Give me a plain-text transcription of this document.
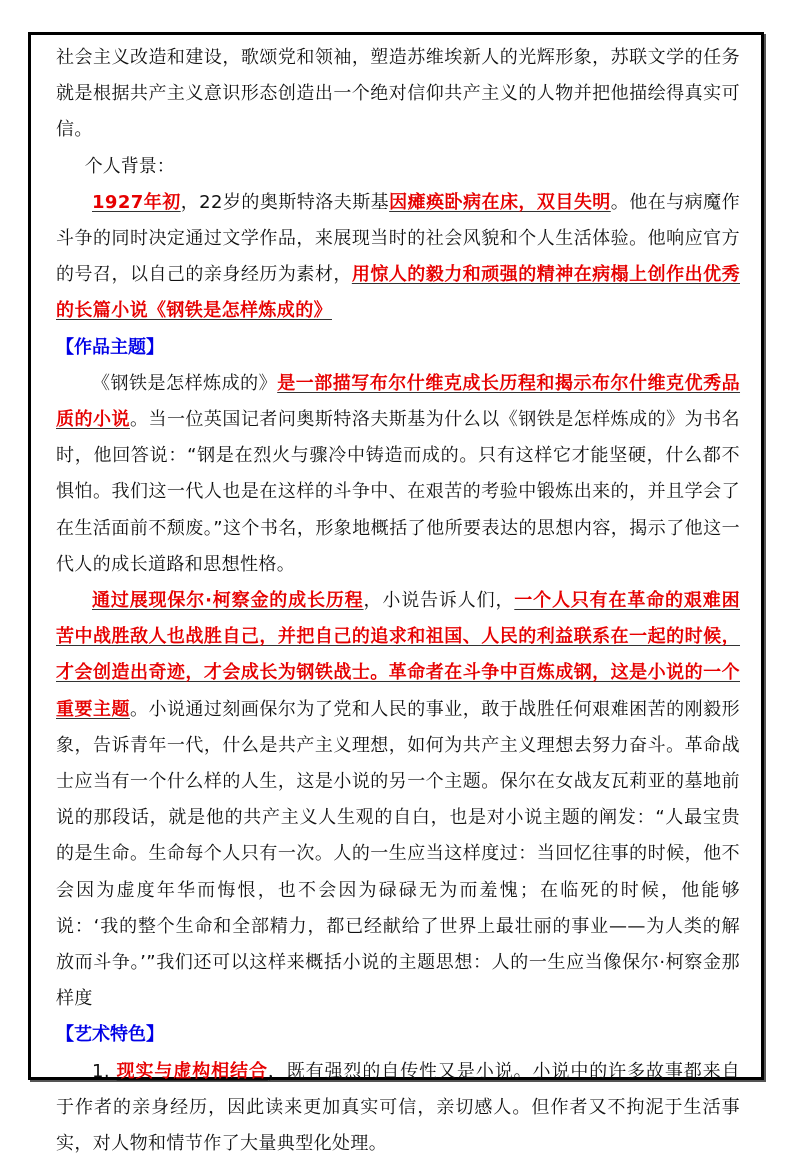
社会主义改造和建设，歌颂党和领袖，塑造苏维埃新人的光辉形象，苏联文学的任务就是根据共产主义意识形态创造出一个绝对信仰共产主义的人物并把他描绘得真实可信。

个人背景：

1927年初，22岁的奥斯特洛夫斯基因瘫痪卧病在床，双目失明。他在与病魔作斗争的同时决定通过文学作品，来展现当时的社会风貌和个人生活体验。他响应官方的号召，以自己的亲身经历为素材，用惊人的毅力和顽强的精神在病榻上创作出优秀的长篇小说《钢铁是怎样炼成的》

【作品主题】

《钢铁是怎样炼成的》是一部描写布尔什维克成长历程和揭示布尔什维克优秀品质的小说。当一位英国记者问奥斯特洛夫斯基为什么以《钢铁是怎样炼成的》为书名时，他回答说：“钢是在烈火与骤冷中铸造而成的。只有这样它才能坚硬，什么都不惧怕。我们这一代人也是在这样的斗争中、在艰苦的考验中锻炼出来的，并且学会了在生活面前不颓废。”这个书名，形象地概括了他所要表达的思想内容，揭示了他这一代人的成长道路和思想性格。

通过展现保尔·柯察金的成长历程，小说告诉人们，一个人只有在革命的艰难困苦中战胜敌人也战胜自己，并把自己的追求和祖国、人民的利益联系在一起的时候，才会创造出奇迹，才会成长为钢铁战士。革命者在斗争中百炼成钢，这是小说的一个重要主题。小说通过刻画保尔为了党和人民的事业，敢于战胜任何艰难困苦的刚毅形象，告诉青年一代，什么是共产主义理想，如何为共产主义理想去努力奋斗。革命战士应当有一个什么样的人生，这是小说的另一个主题。保尔在女战友瓦莉亚的墓地前说的那段话，就是他的共产主义人生观的自白，也是对小说主题的阐发：“人最宝贵的是生命。生命每个人只有一次。人的一生应当这样度过：当回忆往事的时候，他不会因为虚度年华而悔恨，也不会因为碌碌无为而羞愧；在临死的时候，他能够说：‘我的整个生命和全部精力，都已经献给了世界上最壮丽的事业——为人类的解放而斗争。’”我们还可以这样来概括小说的主题思想：人的一生应当像保尔·柯察金那样度

【艺术特色】

1. 现实与虚构相结合，既有强烈的自传性又是小说。小说中的许多故事都来自于作者的亲身经历，因此读来更加真实可信，亲切感人。但作者又不拘泥于生活事实，对人物和情节作了大量典型化处理。
